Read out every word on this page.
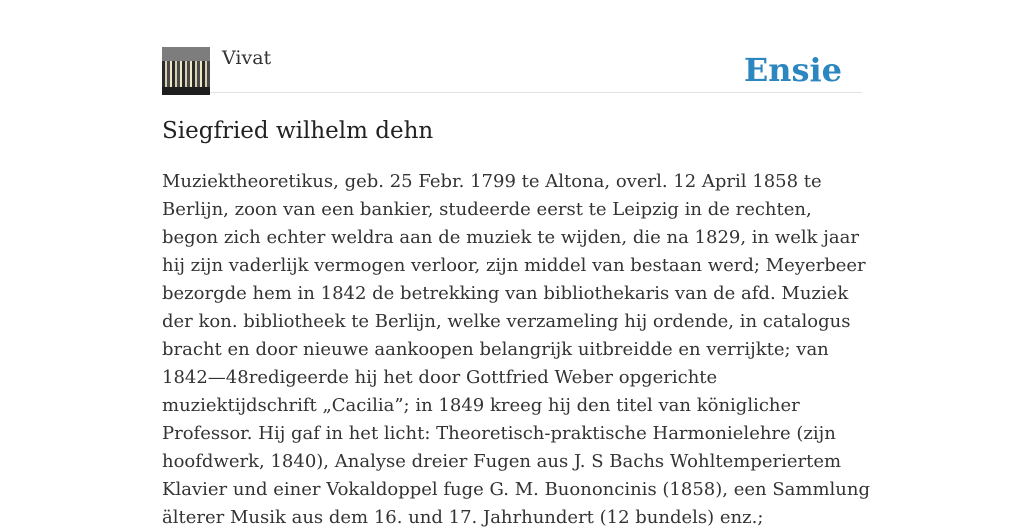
Vivat	Ensie
Siegfried wilhelm dehn

Muziektheoretikus, geb. 25 Febr. 1799 te Altona, overl. 12 April 1858 te Berlijn, zoon van een bankier, studeerde eerst te Leipzig in de rechten, begon zich echter weldra aan de muziek te wijden, die na 1829, in welk jaar hij zijn vaderlijk vermogen verloor, zijn middel van bestaan werd; Meyerbeer bezorgde hem in 1842 de betrekking van bibliothekaris van de afd. Muziek der kon. bibliotheek te Berlijn, welke verzameling hij ordende, in catalogus bracht en door nieuwe aankoopen belangrijk uitbreidde en verrijkte; van 1842—48redigeerde hij het door Gottfried Weber opgerichte muziektijdschrift „Cacilia”; in 1849 kreeg hij den titel van königlicher Professor. Hij gaf in het licht: Theoretisch-praktische Harmonielehre (zijn hoofdwerk, 1840), Analyse dreier Fugen aus J. S Bachs Wohltemperiertem Klavier und einer Vokaldoppel fuge G. M. Buononcinis (1858), een Sammlung älterer Musik aus dem 16. und 17. Jahrhundert (12 bundels) enz.;
